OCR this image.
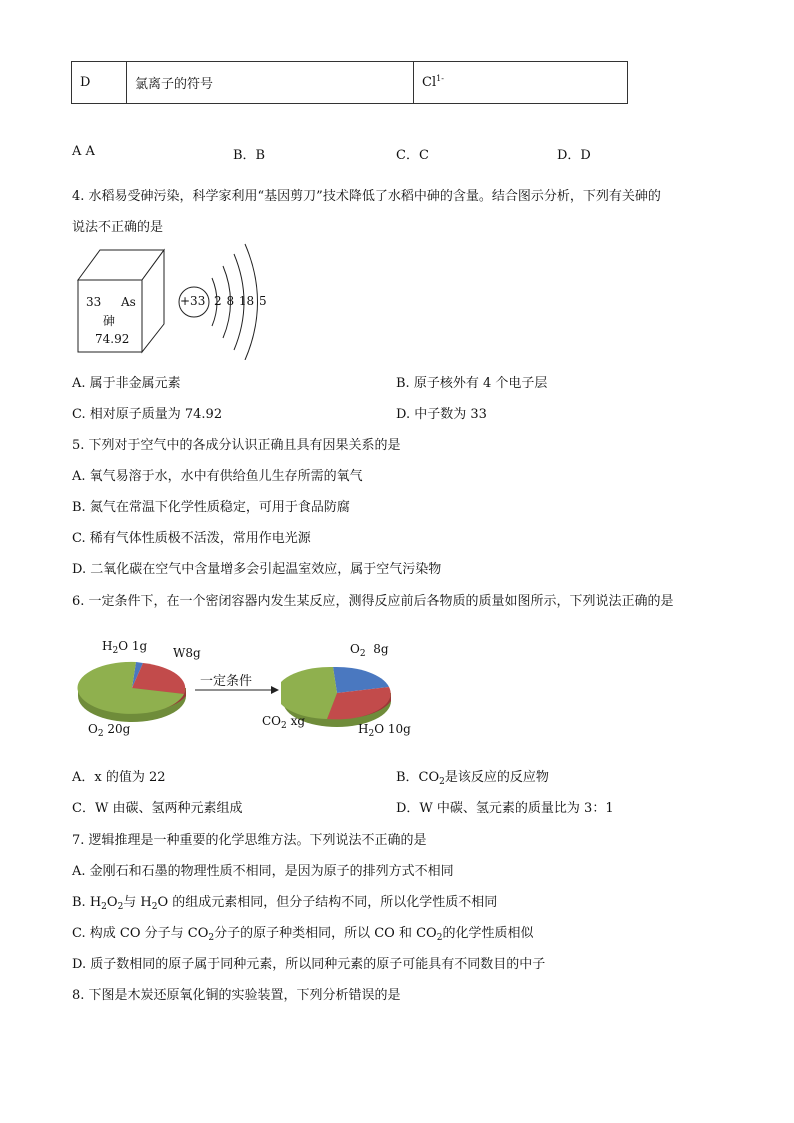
D	氯离子的符号	$Cl^{1-}$
A A	B．B	C．C	D．D
4. 水稻易受砷污染，科学家利用“基因剪刀”技术降低了水稻中砷的含量。结合图示分析，下列有关砷的
说法不正确的是
33 As
砷
74.92
+33 2 8 18 5
A. 属于非金属元素	B. 原子核外有 4 个电子层
C. 相对原子质量为 74.92	D. 中子数为 33
5. 下列对于空气中的各成分认识正确且具有因果关系的是
A. 氧气易溶于水，水中有供给鱼儿生存所需的氧气
B. 氮气在常温下化学性质稳定，可用于食品防腐
C. 稀有气体性质极不活泼，常用作电光源
D. 二氧化碳在空气中含量增多会引起温室效应，属于空气污染物
6. 一定条件下，在一个密闭容器内发生某反应，测得反应前后各物质的质量如图所示，下列说法正确的是
$H_2O$ 1g W8g
$O_2$ 20g
一定条件
$O_2$ 8g
$CO_2$ xg
$H_2O$ 10g
A．x 的值为 22	B．$CO_2$是该反应的反应物
C．W 由碳、氢两种元素组成	D．W 中碳、氢元素的质量比为 3：1
7. 逻辑推理是一种重要的化学思维方法。下列说法不正确的是
A. 金刚石和石墨的物理性质不相同，是因为原子的排列方式不相同
B. $H_2O_2$与 $H_2O$ 的组成元素相同，但分子结构不同，所以化学性质不相同
C. 构成 CO 分子与 $CO_2$分子的原子种类相同，所以 CO 和 $CO_2$的化学性质相似
D. 质子数相同的原子属于同种元素，所以同种元素的原子可能具有不同数目的中子
8. 下图是木炭还原氧化铜的实验装置，下列分析错误的是
